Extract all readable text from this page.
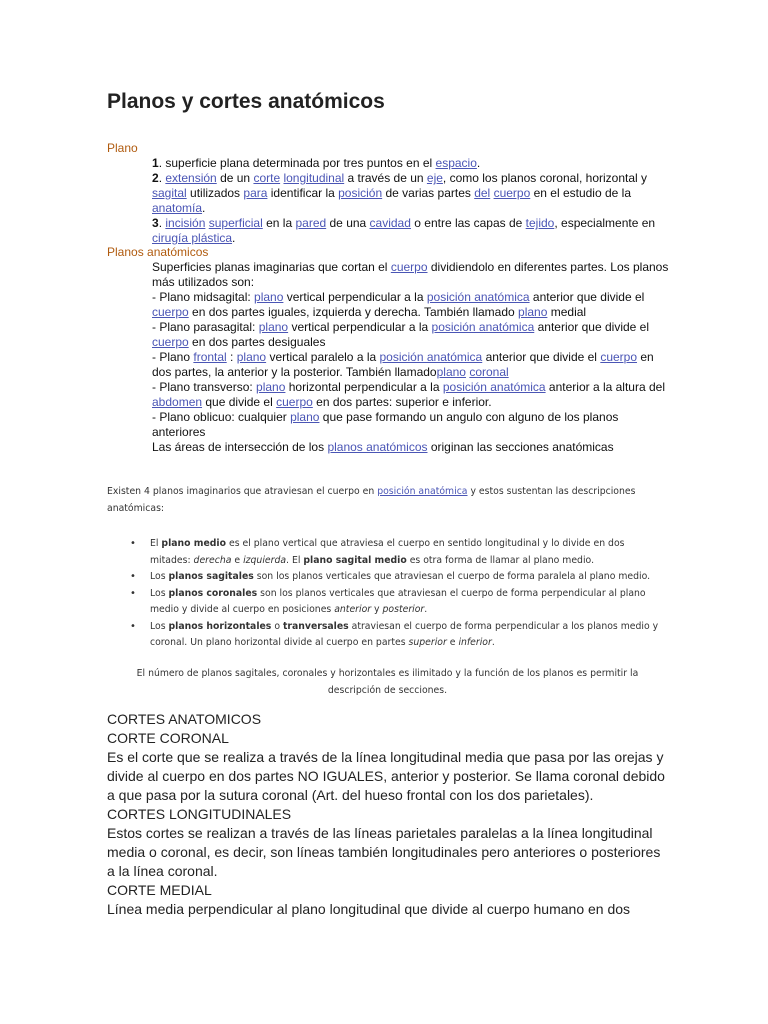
Planos y cortes anatómicos
Plano

1. superficie plana determinada por tres puntos en el espacio.

2. extensión de un corte longitudinal a través de un eje, como los planos coronal, horizontal y sagital utilizados para identificar la posición de varias partes del cuerpo en el estudio de la anatomía.

3. incisión superficial en la pared de una cavidad o entre las capas de tejido, especialmente en cirugía plástica.

Planos anatómicos

Superficies planas imaginarias que cortan el cuerpo dividiendolo en diferentes partes. Los planos más utilizados son:

- Plano midsagital: plano vertical perpendicular a la posición anatómica anterior que divide el cuerpo en dos partes iguales, izquierda y derecha. También llamado plano medial

- Plano parasagital: plano vertical perpendicular a la posición anatómica anterior que divide el cuerpo en dos partes desiguales

- Plano frontal : plano vertical paralelo a la posición anatómica anterior que divide el cuerpo en dos partes, la anterior y la posterior. También llamadoplano coronal

- Plano transverso: plano horizontal perpendicular a la posición anatómica anterior a la altura del abdomen que divide el cuerpo en dos partes: superior e inferior.

- Plano oblicuo: cualquier plano que pase formando un angulo con alguno de los planos anteriores

Las áreas de intersección de los planos anatómicos originan las secciones anatómicas

Existen 4 planos imaginarios que atraviesan el cuerpo en posición anatómica y estos sustentan las descripciones anatómicas:

• El plano medio es el plano vertical que atraviesa el cuerpo en sentido longitudinal y lo divide en dos mitades: derecha e izquierda. El plano sagital medio es otra forma de llamar al plano medio.
• Los planos sagitales son los planos verticales que atraviesan el cuerpo de forma paralela al plano medio.
• Los planos coronales son los planos verticales que atraviesan el cuerpo de forma perpendicular al plano medio y divide al cuerpo en posiciones anterior y posterior.
• Los planos horizontales o tranversales atraviesan el cuerpo de forma perpendicular a los planos medio y coronal. Un plano horizontal divide al cuerpo en partes superior e inferior.

El número de planos sagitales, coronales y horizontales es ilimitado y la función de los planos es permitir la descripción de secciones.

CORTES ANATOMICOS

CORTE CORONAL

Es el corte que se realiza a través de la línea longitudinal media que pasa por las orejas y divide al cuerpo en dos partes NO IGUALES, anterior y posterior. Se llama coronal debido a que pasa por la sutura coronal (Art. del hueso frontal con los dos parietales).

CORTES LONGITUDINALES

Estos cortes se realizan a través de las líneas parietales paralelas a la línea longitudinal media o coronal, es decir, son líneas también longitudinales pero anteriores o posteriores a la línea coronal.

CORTE MEDIAL

Línea media perpendicular al plano longitudinal que divide al cuerpo humano en dos
